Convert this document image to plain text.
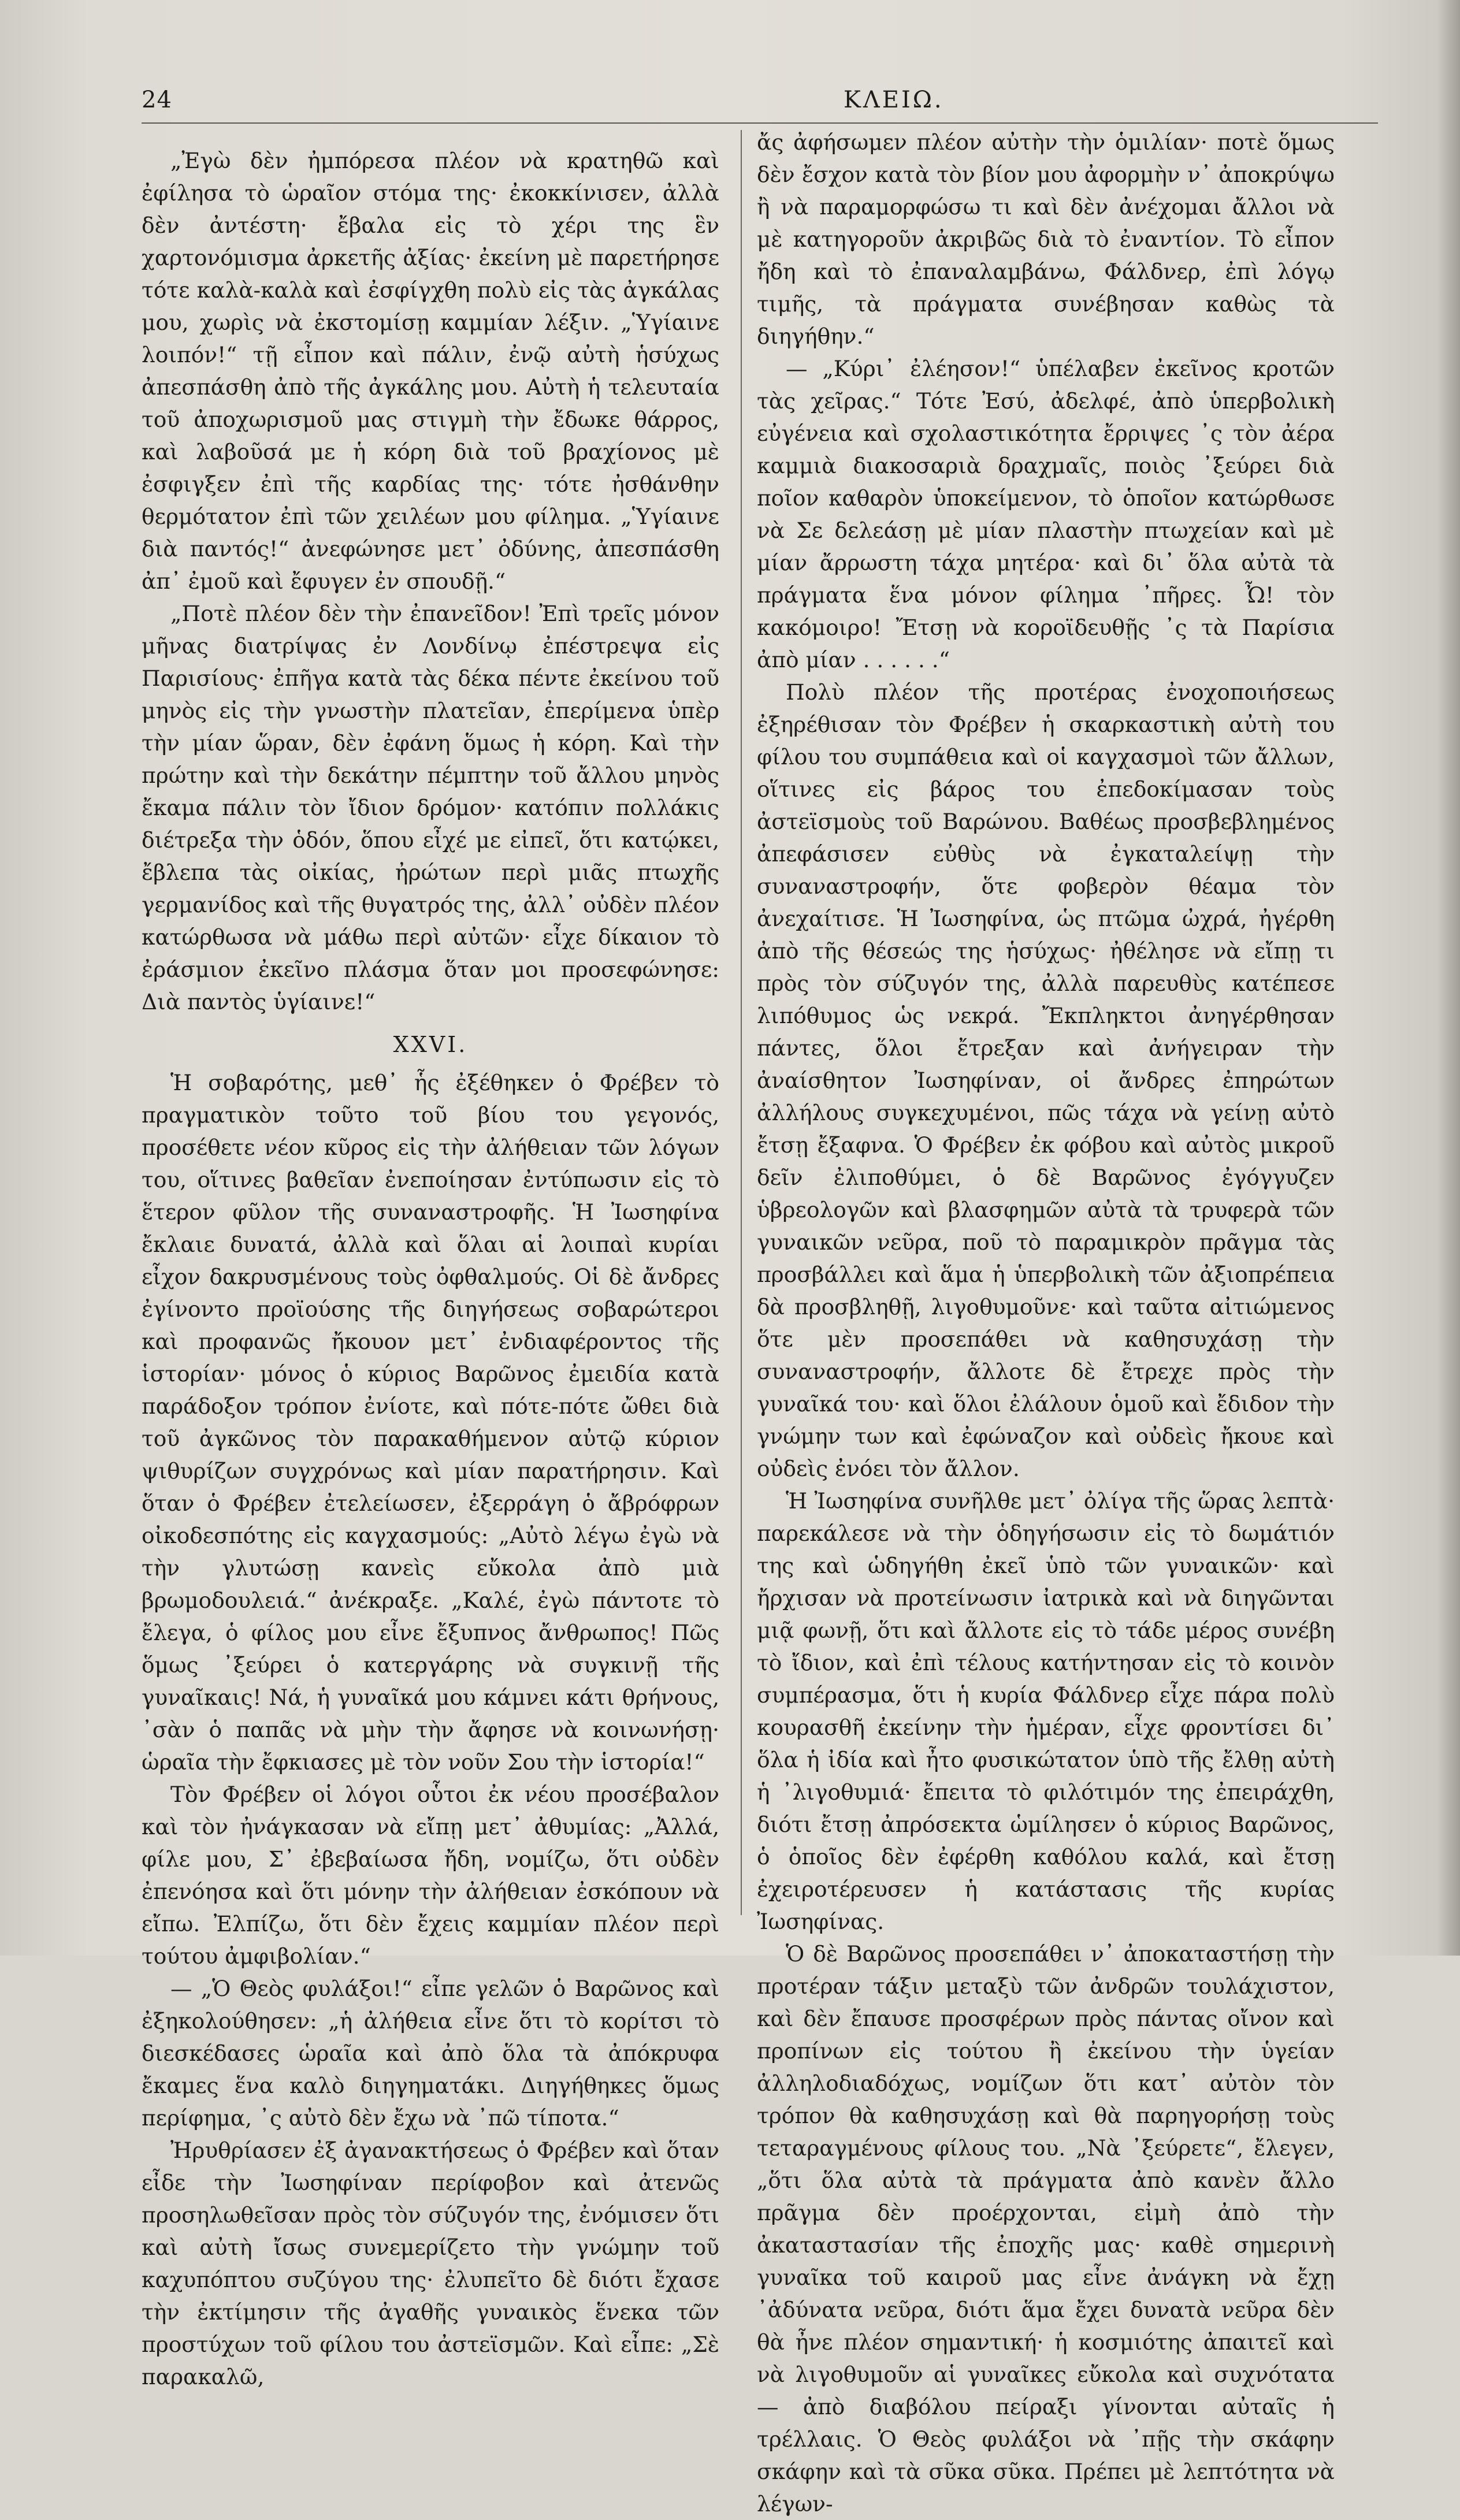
24	ΚΛΕΙΩ.

„Ἐγὼ δὲν ἠμπόρεσα πλέον νὰ κρατηθῶ καὶ ἐφίλησα τὸ ὡραῖον στόμα της· ἐκοκκίνισεν, ἀλλὰ δὲν ἀντέστη· ἔβαλα εἰς τὸ χέρι της ἓν χαρτονόμισμα ἀρκετῆς ἀξίας· ἐκείνη μὲ παρετήρησε τότε καλὰ-καλὰ καὶ ἐσφίγχθη πολὺ εἰς τὰς ἀγκάλας μου, χωρὶς νὰ ἐκστομίσῃ καμμίαν λέξιν. „Ὑγίαινε λοιπόν!“ τῇ εἶπον καὶ πάλιν, ἐνῷ αὐτὴ ἡσύχως ἀπεσπάσθη ἀπὸ τῆς ἀγκάλης μου. Αὐτὴ ἡ τελευταία τοῦ ἀποχωρισμοῦ μας στιγμὴ τὴν ἔδωκε θάρρος, καὶ λαβοῦσά με ἡ κόρη διὰ τοῦ βραχίονος μὲ ἐσφιγξεν ἐπὶ τῆς καρδίας της· τότε ἠσθάνθην θερμότατον ἐπὶ τῶν χειλέων μου φίλημα. „Ὑγίαινε διὰ παντός!“ ἀνεφώνησε μετ᾽ ὀδύνης, ἀπεσπάσθη ἀπ᾽ ἐμοῦ καὶ ἔφυγεν ἐν σπουδῇ.“

„Ποτὲ πλέον δὲν τὴν ἐπανεῖδον! Ἐπὶ τρεῖς μόνον μῆνας διατρίψας ἐν Λονδίνῳ ἐπέστρεψα εἰς Παρισίους· ἐπῆγα κατὰ τὰς δέκα πέντε ἐκείνου τοῦ μηνὸς εἰς τὴν γνωστὴν πλατεῖαν, ἐπερίμενα ὑπὲρ τὴν μίαν ὥραν, δὲν ἐφάνη ὅμως ἡ κόρη. Καὶ τὴν πρώτην καὶ τὴν δεκάτην πέμπτην τοῦ ἄλλου μηνὸς ἔκαμα πάλιν τὸν ἴδιον δρόμον· κατόπιν πολλάκις διέτρεξα τὴν ὁδόν, ὅπου εἶχέ με εἰπεῖ, ὅτι κατῴκει, ἔβλεπα τὰς οἰκίας, ἠρώτων περὶ μιᾶς πτωχῆς γερμανίδος καὶ τῆς θυγατρός της, ἀλλ᾽ οὐδὲν πλέον κατώρθωσα νὰ μάθω περὶ αὐτῶν· εἶχε δίκαιον τὸ ἐράσμιον ἐκεῖνο πλάσμα ὅταν μοι προσεφώνησε: Διὰ παντὸς ὑγίαινε!“

XXVI.

Ἡ σοβαρότης, μεθ᾽ ἧς ἐξέθηκεν ὁ Φρέβεν τὸ πραγματικὸν τοῦτο τοῦ βίου του γεγονός, προσέθετε νέον κῦρος εἰς τὴν ἀλήθειαν τῶν λόγων του, οἵτινες βαθεῖαν ἐνεποίησαν ἐντύπωσιν εἰς τὸ ἕτερον φῦλον τῆς συναναστροφῆς. Ἡ Ἰωσηφίνα ἔκλαιε δυνατά, ἀλλὰ καὶ ὅλαι αἱ λοιπαὶ κυρίαι εἶχον δακρυσμένους τοὺς ὀφθαλμούς. Οἱ δὲ ἄνδρες ἐγίνοντο προϊούσης τῆς διηγήσεως σοβαρώτεροι καὶ προφανῶς ἤκουον μετ᾽ ἐνδιαφέροντος τῆς ἱστορίαν· μόνος ὁ κύριος Βαρῶνος ἐμειδία κατὰ παράδοξον τρόπον ἐνίοτε, καὶ πότε-πότε ὤθει διὰ τοῦ ἀγκῶνος τὸν παρακαθήμενον αὐτῷ κύριον ψιθυρίζων συγχρόνως καὶ μίαν παρατήρησιν. Καὶ ὅταν ὁ Φρέβεν ἐτελείωσεν, ἐξερράγη ὁ ἄβρόφρων οἰκοδεσπότης εἰς καγχασμούς: „Αὐτὸ λέγω ἐγὼ νὰ τὴν γλυτώσῃ κανεὶς εὔκολα ἀπὸ μιὰ βρωμοδουλειά.“ ἀνέκραξε. „Καλέ, ἐγὼ πάντοτε τὸ ἔλεγα, ὁ φίλος μου εἶνε ἔξυπνος ἄνθρωπος! Πῶς ὅμως ᾽ξεύρει ὁ κατεργάρης νὰ συγκινῇ τῆς γυναῖκαις! Νά, ἡ γυναῖκά μου κάμνει κάτι θρήνους, ᾽σὰν ὁ παπᾶς νὰ μὴν τὴν ἄφησε νὰ κοινωνήσῃ· ὡραῖα τὴν ἔφκιασες μὲ τὸν νοῦν Σου τὴν ἱστορία!“

Τὸν Φρέβεν οἱ λόγοι οὗτοι ἐκ νέου προσέβαλον καὶ τὸν ἠνάγκασαν νὰ εἴπῃ μετ᾽ ἀθυμίας: „Ἀλλά, φίλε μου, Σ᾽ ἐβεβαίωσα ἤδη, νομίζω, ὅτι οὐδὲν ἐπενόησα καὶ ὅτι μόνην τὴν ἀλήθειαν ἐσκόπουν νὰ εἴπω. Ἐλπίζω, ὅτι δὲν ἔχεις καμμίαν πλέον περὶ τούτου ἀμφιβολίαν.“

— „Ὁ Θεὸς φυλάξοι!“ εἶπε γελῶν ὁ Βαρῶνος καὶ ἐξηκολούθησεν: „ἡ ἀλήθεια εἶνε ὅτι τὸ κορίτσι τὸ διεσκέδασες ὡραῖα καὶ ἀπὸ ὅλα τὰ ἀπόκρυφα ἔκαμες ἕνα καλὸ διηγηματάκι. Διηγήθηκες ὅμως περίφημα, ᾽ς αὐτὸ δὲν ἔχω νὰ ᾽πῶ τίποτα.“

Ἠρυθρίασεν ἐξ ἀγανακτήσεως ὁ Φρέβεν καὶ ὅταν εἶδε τὴν Ἰωσηφίναν περίφοβον καὶ ἀτενῶς προσηλωθεῖσαν πρὸς τὸν σύζυγόν της, ἐνόμισεν ὅτι καὶ αὐτὴ ἴσως συνεμερίζετο τὴν γνώμην τοῦ καχυπόπτου συζύγου της· ἐλυπεῖτο δὲ διότι ἔχασε τὴν ἐκτίμησιν τῆς ἀγαθῆς γυναικὸς ἕνεκα τῶν προστύχων τοῦ φίλου του ἀστεϊσμῶν. Καὶ εἶπε: „Σὲ παρακαλῶ,

ἄς ἀφήσωμεν πλέον αὐτὴν τὴν ὁμιλίαν· ποτὲ ὅμως δὲν ἔσχον κατὰ τὸν βίον μου ἀφορμὴν ν᾽ ἀποκρύψω ἢ νὰ παραμορφώσω τι καὶ δὲν ἀνέχομαι ἄλλοι νὰ μὲ κατηγοροῦν ἀκριβῶς διὰ τὸ ἐναντίον. Τὸ εἶπον ἤδη καὶ τὸ ἐπαναλαμβάνω, Φάλδνερ, ἐπὶ λόγῳ τιμῆς, τὰ πράγματα συνέβησαν καθὼς τὰ διηγήθην.“

— „Κύρι᾽ ἐλέησον!“ ὑπέλαβεν ἐκεῖνος κροτῶν τὰς χεῖρας.“ Τότε Ἐσύ, ἀδελφέ, ἀπὸ ὑπερβολικὴ εὐγένεια καὶ σχολαστικότητα ἔρριψες ᾽ς τὸν ἀέρα καμμιὰ διακοσαριὰ δραχμαῖς, ποιὸς ᾽ξεύρει διὰ ποῖον καθαρὸν ὑποκείμενον, τὸ ὁποῖον κατώρθωσε νὰ Σε δελεάσῃ μὲ μίαν πλαστὴν πτωχείαν καὶ μὲ μίαν ἄρρωστη τάχα μητέρα· καὶ δι᾽ ὅλα αὐτὰ τὰ πράγματα ἕνα μόνον φίλημα ᾽πῆρες. Ὦ! τὸν κακόμοιρο! Ἔτσῃ νὰ κοροϊδευθῇς ᾽ς τὰ Παρίσια ἀπὸ μίαν . . . . . .“

Πολὺ πλέον τῆς προτέρας ἐνοχοποιήσεως ἐξηρέθισαν τὸν Φρέβεν ἡ σκαρκαστικὴ αὐτὴ του φίλου του συμπάθεια καὶ οἱ καγχασμοὶ τῶν ἄλλων, οἵτινες εἰς βάρος του ἐπεδοκίμασαν τοὺς ἀστεϊσμοὺς τοῦ Βαρώνου. Βαθέως προσβεβλημένος ἀπεφάσισεν εὐθὺς νὰ ἐγκαταλείψῃ τὴν συναναστροφήν, ὅτε φοβερὸν θέαμα τὸν ἀνεχαίτισε. Ἡ Ἰωσηφίνα, ὡς πτῶμα ὠχρά, ἠγέρθη ἀπὸ τῆς θέσεώς της ἡσύχως· ἠθέλησε νὰ εἴπῃ τι πρὸς τὸν σύζυγόν της, ἀλλὰ παρευθὺς κατέπεσε λιπόθυμος ὡς νεκρά. Ἔκπληκτοι ἀνηγέρθησαν πάντες, ὅλοι ἔτρεξαν καὶ ἀνήγειραν τὴν ἀναίσθητον Ἰωσηφίναν, οἱ ἄνδρες ἐπηρώτων ἀλλήλους συγκεχυμένοι, πῶς τάχα νὰ γείνῃ αὐτὸ ἔτσῃ ἔξαφνα. Ὁ Φρέβεν ἐκ φόβου καὶ αὐτὸς μικροῦ δεῖν ἐλιποθύμει, ὁ δὲ Βαρῶνος ἐγόγγυζεν ὑβρεολογῶν καὶ βλασφημῶν αὐτὰ τὰ τρυφερὰ τῶν γυναικῶν νεῦρα, ποῦ τὸ παραμικρὸν πρᾶγμα τὰς προσβάλλει καὶ ἅμα ἡ ὑπερβολικὴ τῶν ἀξιοπρέπεια δὰ προσβληθῇ, λιγοθυμοῦνε· καὶ ταῦτα αἰτιώμενος ὅτε μὲν προσεπάθει νὰ καθησυχάσῃ τὴν συναναστροφήν, ἄλλοτε δὲ ἔτρεχε πρὸς τὴν γυναῖκά του· καὶ ὅλοι ἐλάλουν ὁμοῦ καὶ ἔδιδον τὴν γνώμην των καὶ ἐφώναζον καὶ οὐδεὶς ἤκουε καὶ οὐδεὶς ἐνόει τὸν ἄλλον.

Ἡ Ἰωσηφίνα συνῆλθε μετ᾽ ὀλίγα τῆς ὥρας λεπτὰ· παρεκάλεσε νὰ τὴν ὁδηγήσωσιν εἰς τὸ δωμάτιόν της καὶ ὡδηγήθη ἐκεῖ ὑπὸ τῶν γυναικῶν· καὶ ἤρχισαν νὰ προτείνωσιν ἰατρικὰ καὶ νὰ διηγῶνται μιᾷ φωνῇ, ὅτι καὶ ἄλλοτε εἰς τὸ τάδε μέρος συνέβη τὸ ἴδιον, καὶ ἐπὶ τέλους κατήντησαν εἰς τὸ κοινὸν συμπέρασμα, ὅτι ἡ κυρία Φάλδνερ εἶχε πάρα πολὺ κουρασθῆ ἐκείνην τὴν ἡμέραν, εἶχε φροντίσει δι᾽ ὅλα ἡ ἰδία καὶ ἦτο φυσικώτατον ὑπὸ τῆς ἔλθῃ αὐτὴ ἡ ᾽λιγοθυμιά· ἔπειτα τὸ φιλότιμόν της ἐπειράχθη, διότι ἔτσῃ ἀπρόσεκτα ὡμίλησεν ὁ κύριος Βαρῶνος, ὁ ὁποῖος δὲν ἐφέρθη καθόλου καλά, καὶ ἔτσῃ ἐχειροτέρευσεν ἡ κατάστασις τῆς κυρίας Ἰωσηφίνας.

Ὁ δὲ Βαρῶνος προσεπάθει ν᾽ ἀποκαταστήσῃ τὴν προτέραν τάξιν μεταξὺ τῶν ἀνδρῶν τουλάχιστον, καὶ δὲν ἔπαυσε προσφέρων πρὸς πάντας οἴνον καὶ προπίνων εἰς τούτου ἢ ἐκείνου τὴν ὑγείαν ἀλληλοδιαδόχως, νομίζων ὅτι κατ᾽ αὐτὸν τὸν τρόπον θὰ καθησυχάσῃ καὶ θὰ παρηγορήσῃ τοὺς τεταραγμένους φίλους του. „Νὰ ᾽ξεύρετε“, ἔλεγεν, „ὅτι ὅλα αὐτὰ τὰ πράγματα ἀπὸ κανὲν ἄλλο πρᾶγμα δὲν προέρχονται, εἰμὴ ἀπὸ τὴν ἀκαταστασίαν τῆς ἐποχῆς μας· καθὲ σημερινὴ γυναῖκα τοῦ καιροῦ μας εἶνε ἀνάγκη νὰ ἔχῃ ᾽ἀδύνατα νεῦρα, διότι ἅμα ἔχει δυνατὰ νεῦρα δὲν θὰ ἦνε πλέον σημαντική· ἡ κοσμιότης ἀπαιτεῖ καὶ νὰ λιγοθυμοῦν αἱ γυναῖκες εὔκολα καὶ συχνότατα — ἀπὸ διαβόλου πείραξι γίνονται αὐταῖς ἡ τρέλλαις. Ὁ Θεὸς φυλάξοι νὰ ᾽πῇς τὴν σκάφην σκάφην καὶ τὰ σῦκα σῦκα. Πρέπει μὲ λεπτότητα νὰ λέγων-
